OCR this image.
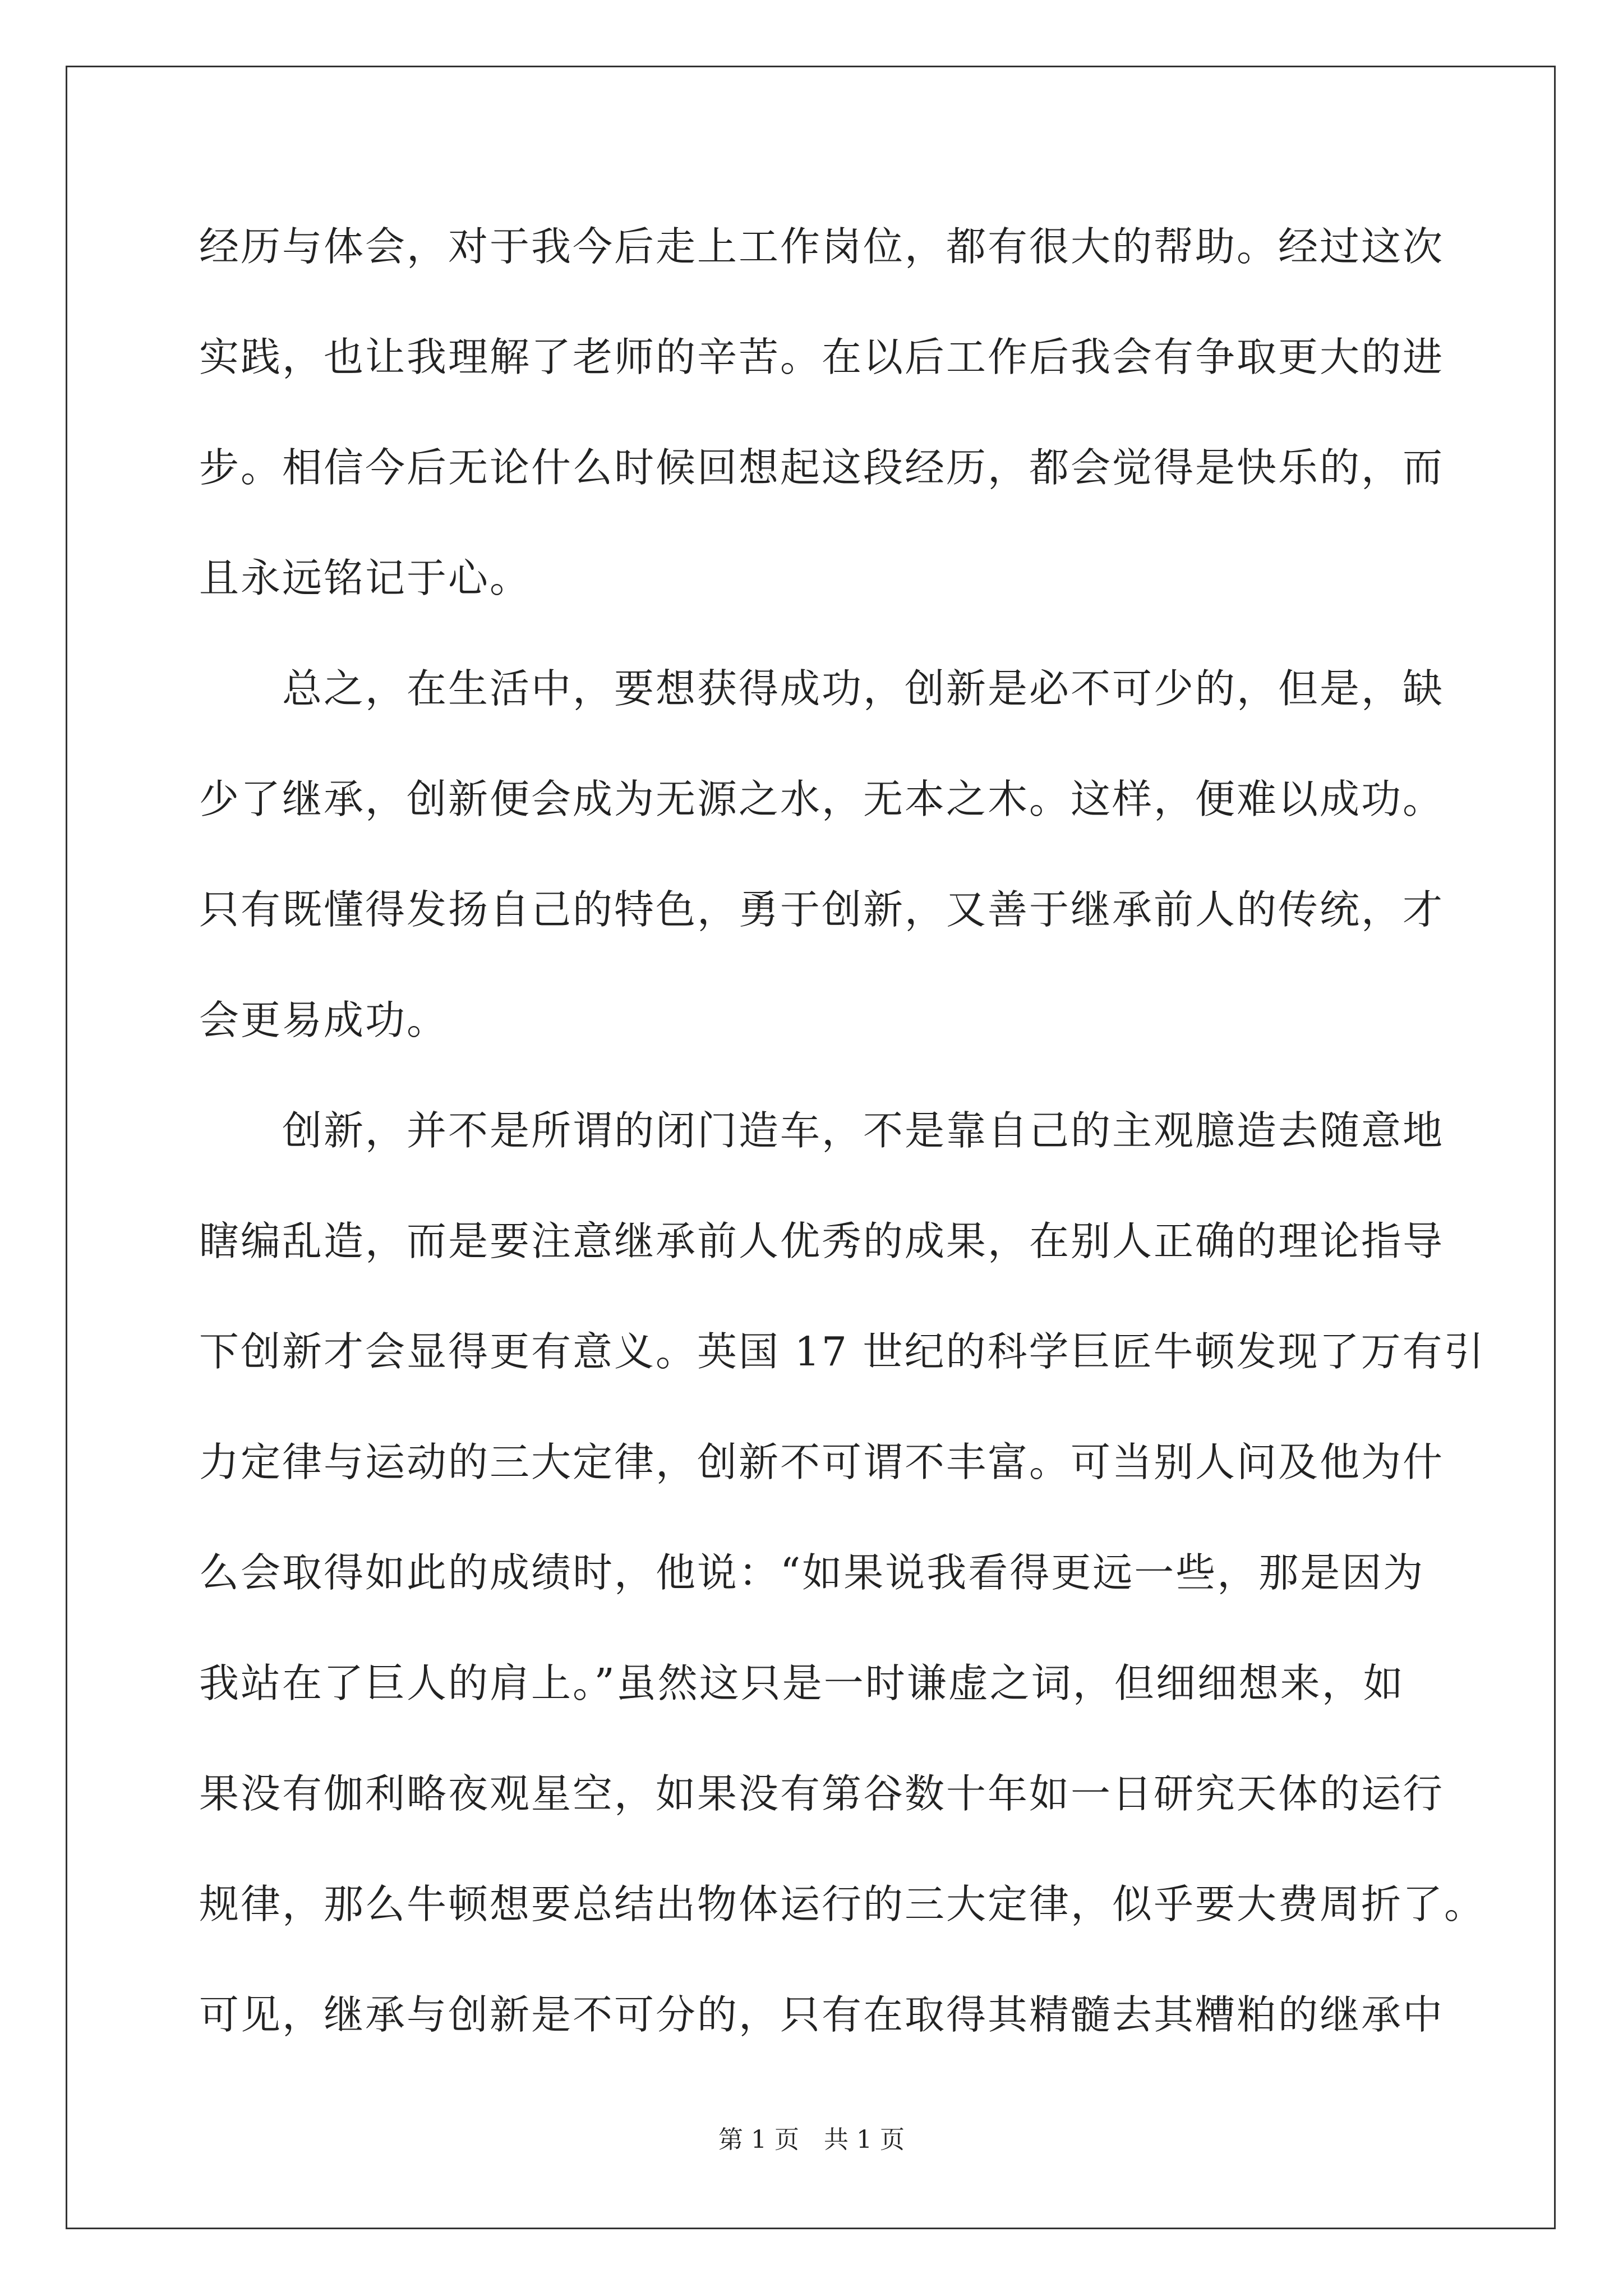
经历与体会，对于我今后走上工作岗位，都有很大的帮助。经过这次
实践，也让我理解了老师的辛苦。在以后工作后我会有争取更大的进
步。相信今后无论什么时候回想起这段经历，都会觉得是快乐的，而
且永远铭记于心。
　　总之，在生活中，要想获得成功，创新是必不可少的，但是，缺
少了继承，创新便会成为无源之水，无本之木。这样，便难以成功。
只有既懂得发扬自己的特色，勇于创新，又善于继承前人的传统，才
会更易成功。
　　创新，并不是所谓的闭门造车，不是靠自己的主观臆造去随意地
瞎编乱造，而是要注意继承前人优秀的成果，在别人正确的理论指导
下创新才会显得更有意义。英国 17 世纪的科学巨匠牛顿发现了万有引
力定律与运动的三大定律，创新不可谓不丰富。可当别人问及他为什
么会取得如此的成绩时，他说：“如果说我看得更远一些，那是因为
我站在了巨人的肩上。”虽然这只是一时谦虚之词，但细细想来，如
果没有伽利略夜观星空，如果没有第谷数十年如一日研究天体的运行
规律，那么牛顿想要总结出物体运行的三大定律，似乎要大费周折了。
可见，继承与创新是不可分的，只有在取得其精髓去其糟粕的继承中
第 1 页　共 1 页
